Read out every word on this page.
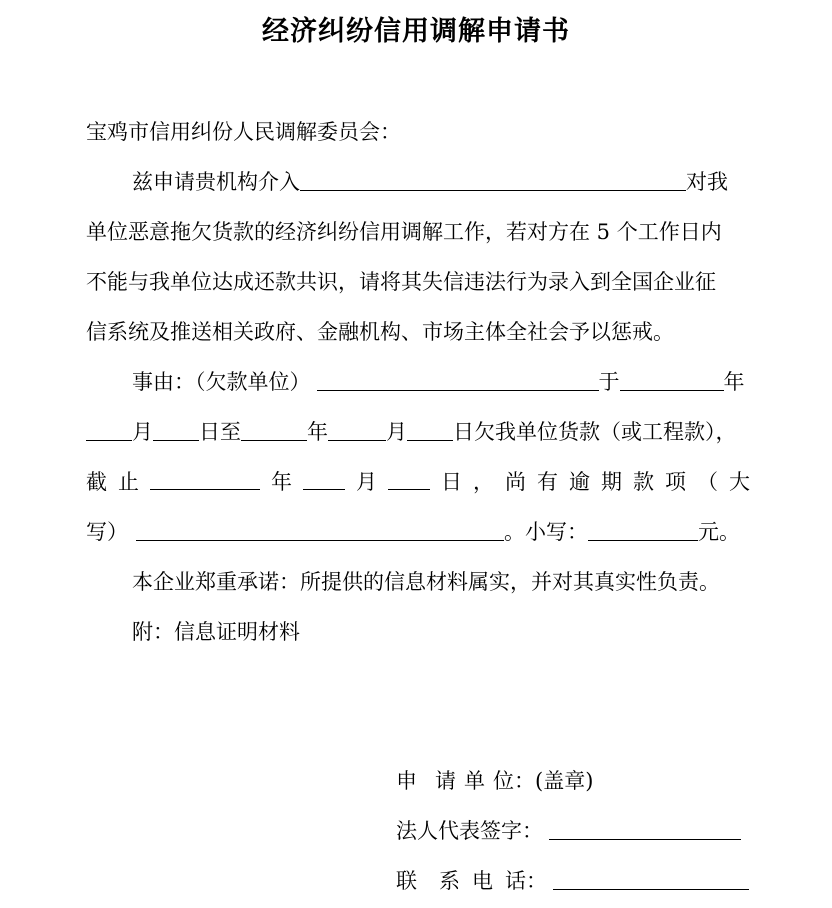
经济纠纷信用调解申请书
宝鸡市信用纠份人民调解委员会：
兹申请贵机构介入	对我
单位恶意拖欠货款的经济纠纷信用调解工作，若对方在 5 个工作日内
不能与我单位达成还款共识，请将其失信违法行为录入到全国企业征
信系统及推送相关政府、金融机构、市场主体全社会予以惩戒。
事由：（欠款单位）	于	年
月 日至	年	月 日欠我单位货款（或工程款），
截 止	年	月	日 ， 尚 有 逾 期 款 项 （ 大
写）	。小写：	元。
本企业郑重承诺：所提供的信息材料属实，并对其真实性负责。
附：信息证明材料
申 请 单 位：(盖章)
法人代表签字：
联 系 电 话：
